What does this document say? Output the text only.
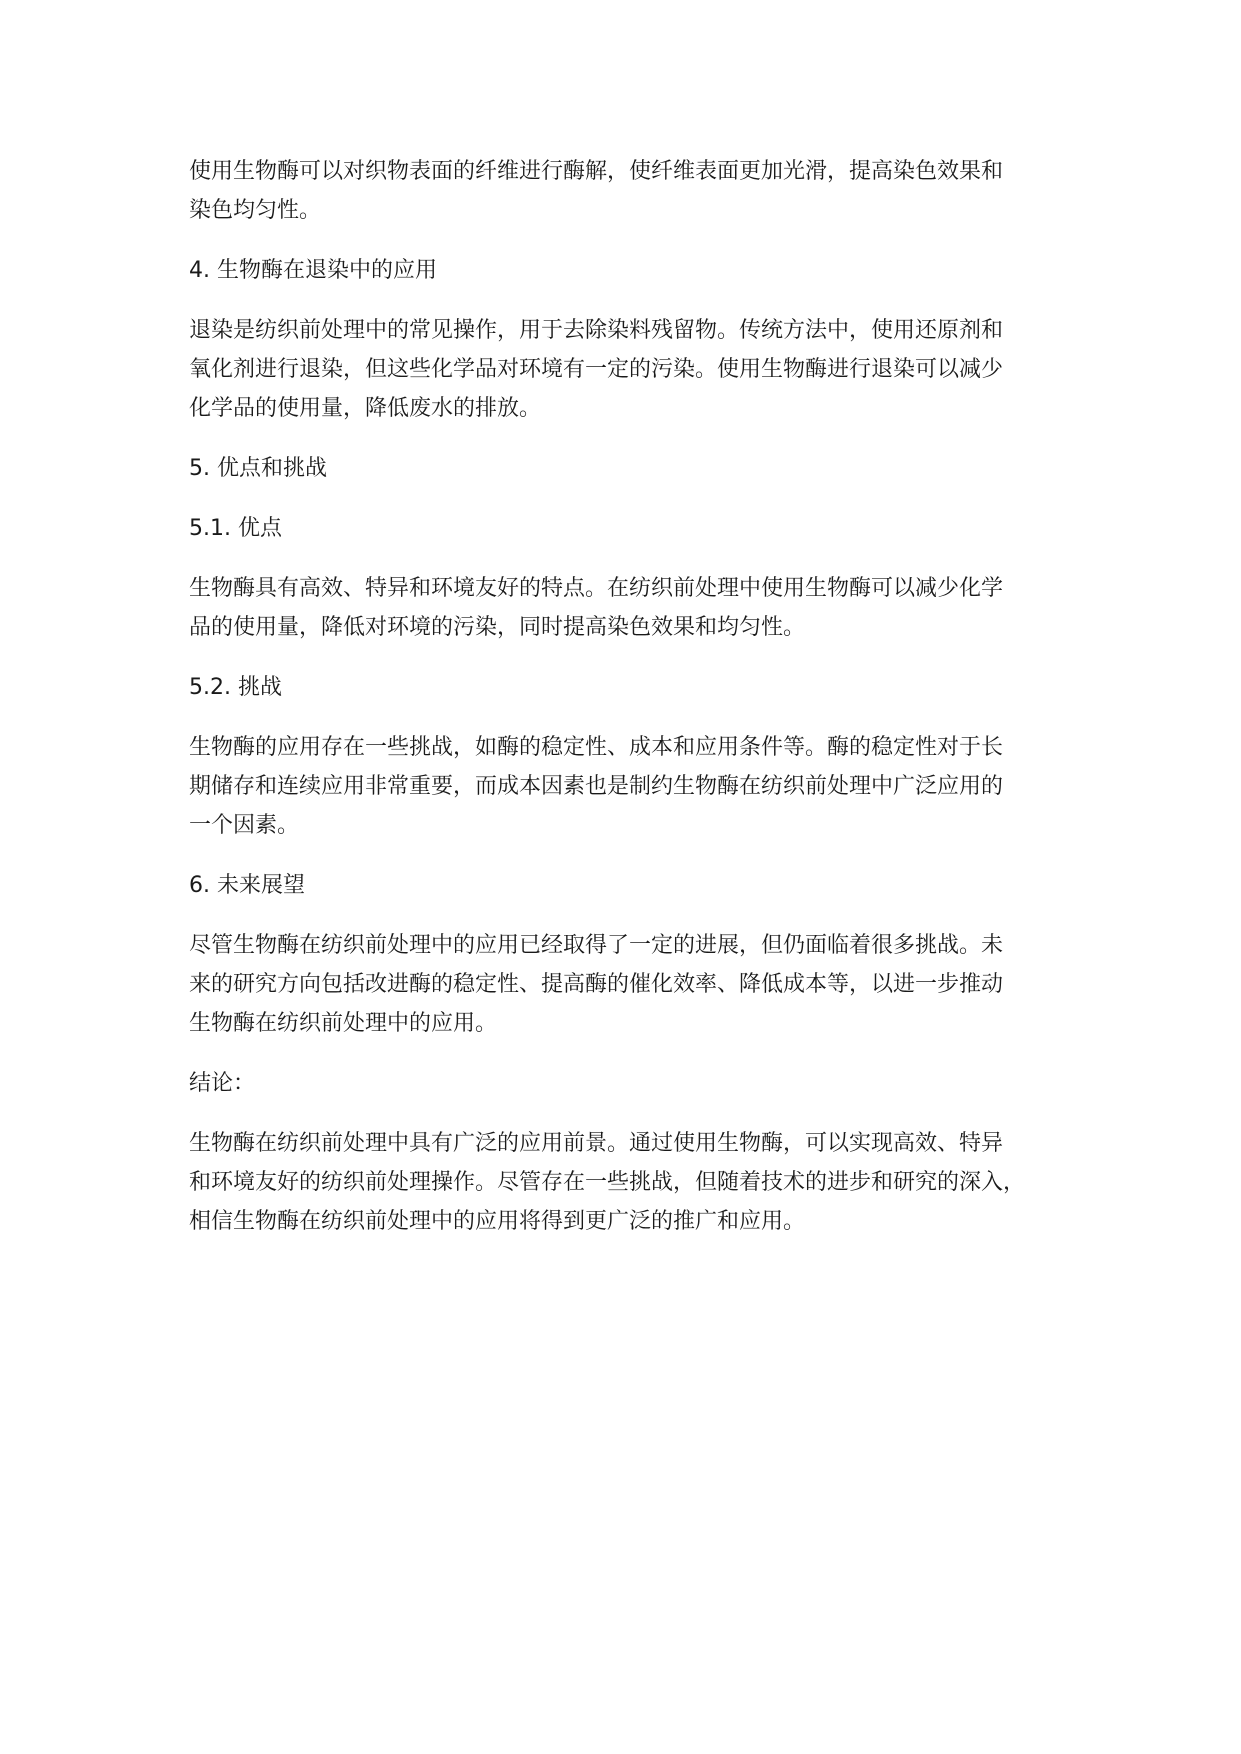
使用生物酶可以对织物表面的纤维进行酶解，使纤维表面更加光滑，提高染色效果和
染色均匀性。
4. 生物酶在退染中的应用
退染是纺织前处理中的常见操作，用于去除染料残留物。传统方法中，使用还原剂和
氧化剂进行退染，但这些化学品对环境有一定的污染。使用生物酶进行退染可以减少
化学品的使用量，降低废水的排放。
5. 优点和挑战
5.1. 优点
生物酶具有高效、特异和环境友好的特点。在纺织前处理中使用生物酶可以减少化学
品的使用量，降低对环境的污染，同时提高染色效果和均匀性。
5.2. 挑战
生物酶的应用存在一些挑战，如酶的稳定性、成本和应用条件等。酶的稳定性对于长
期储存和连续应用非常重要，而成本因素也是制约生物酶在纺织前处理中广泛应用的
一个因素。
6. 未来展望
尽管生物酶在纺织前处理中的应用已经取得了一定的进展，但仍面临着很多挑战。未
来的研究方向包括改进酶的稳定性、提高酶的催化效率、降低成本等，以进一步推动
生物酶在纺织前处理中的应用。
结论：
生物酶在纺织前处理中具有广泛的应用前景。通过使用生物酶，可以实现高效、特异
和环境友好的纺织前处理操作。尽管存在一些挑战，但随着技术的进步和研究的深入，
相信生物酶在纺织前处理中的应用将得到更广泛的推广和应用。
